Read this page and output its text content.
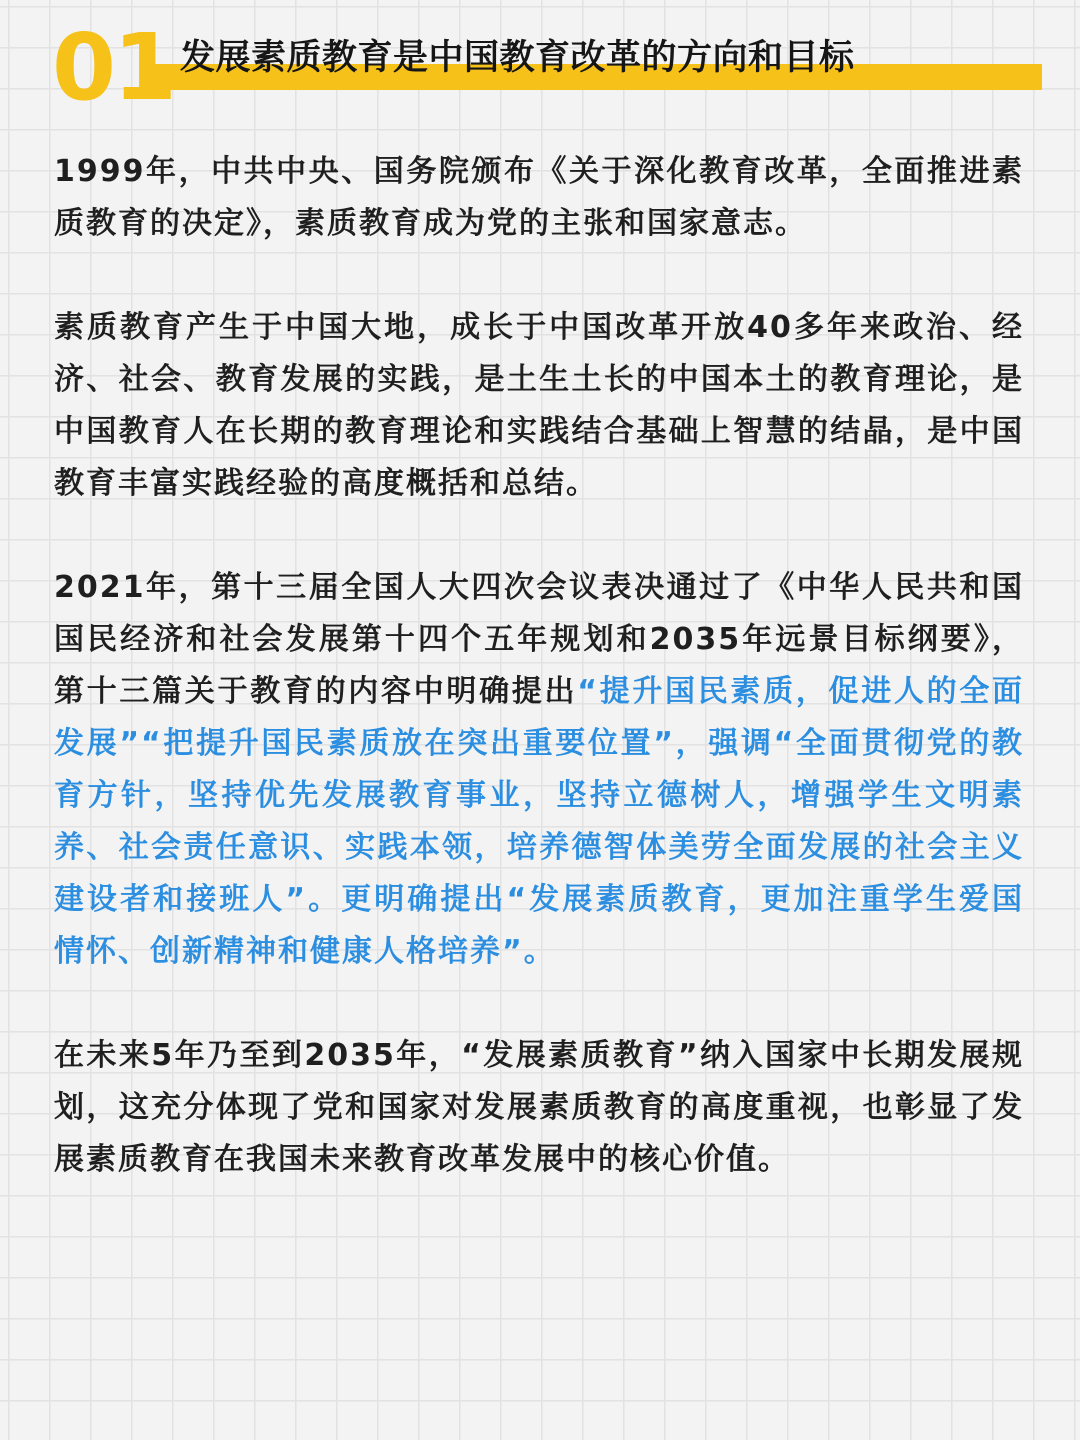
01 发展素质教育是中国教育改革的方向和目标

1999年，中共中央、国务院颁布《关于深化教育改革，全面推进素质教育的决定》，素质教育成为党的主张和国家意志。

素质教育产生于中国大地，成长于中国改革开放40多年来政治、经济、社会、教育发展的实践，是土生土长的中国本土的教育理论，是中国教育人在长期的教育理论和实践结合基础上智慧的结晶，是中国教育丰富实践经验的高度概括和总结。

2021年，第十三届全国人大四次会议表决通过了《中华人民共和国国民经济和社会发展第十四个五年规划和2035年远景目标纲要》，第十三篇关于教育的内容中明确提出“提升国民素质，促进人的全面发展”“把提升国民素质放在突出重要位置”，强调“全面贯彻党的教育方针，坚持优先发展教育事业，坚持立德树人，增强学生文明素养、社会责任意识、实践本领，培养德智体美劳全面发展的社会主义建设者和接班人”。更明确提出“发展素质教育，更加注重学生爱国情怀、创新精神和健康人格培养”。

在未来5年乃至到2035年，“发展素质教育”纳入国家中长期发展规划，这充分体现了党和国家对发展素质教育的高度重视，也彰显了发展素质教育在我国未来教育改革发展中的核心价值。
